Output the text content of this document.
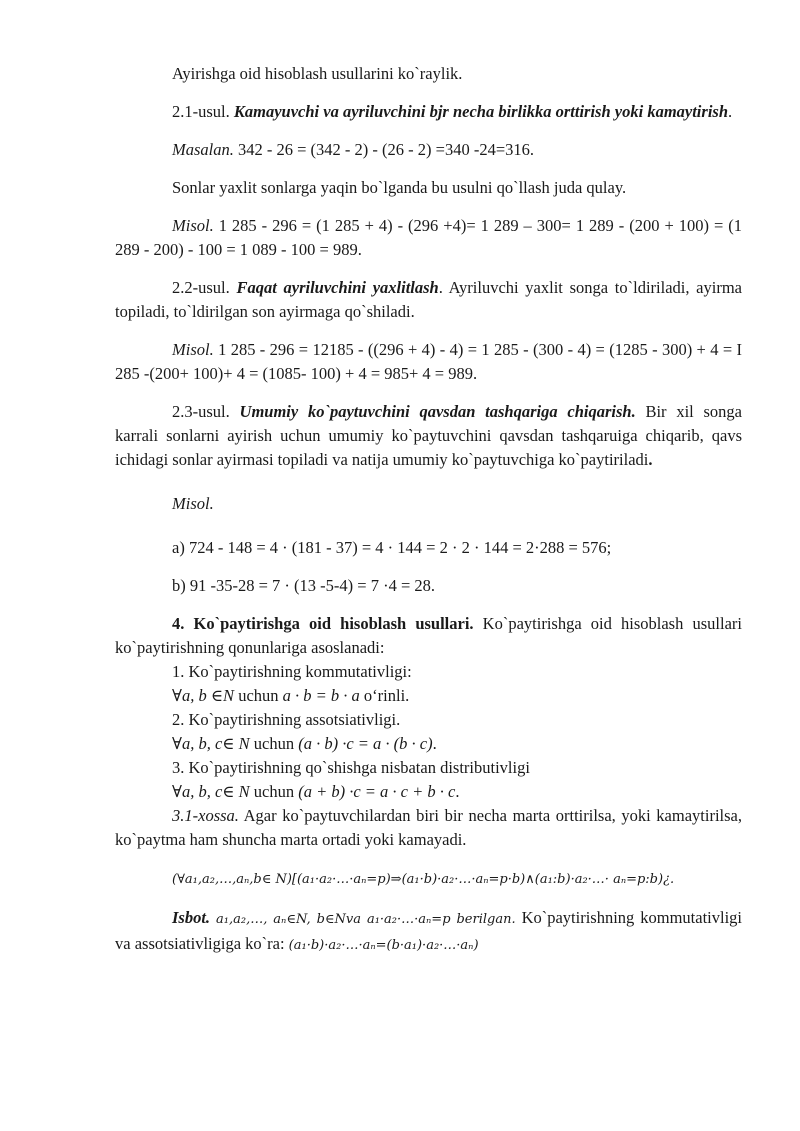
Ayirishga oid hisoblash usullarini ko`raylik.

2.1-usul. Kamayuvchi va ayriluvchini bjr necha birlikka orttirish yoki kamaytirish.

Masalan. 342 - 26 = (342 - 2) - (26 - 2) =340 -24=316.

Sonlar yaxlit sonlarga yaqin bo`lganda bu usulni qo`llash juda qulay.

Misol. 1 285 - 296 = (1 285 + 4) - (296 +4)= 1 289 – 300= 1 289 - (200 + 100) = (1 289 - 200) - 100 = 1 089 - 100 = 989.

2.2-usul. Faqat ayriluvchini yaxlitlash. Ayriluvchi yaxlit songa to`ldiriladi, ayirma topiladi, to`ldirilgan son ayirmaga qo`shiladi.

Misol. 1 285 - 296 = 12185 - ((296 + 4) - 4) = 1 285 - (300 - 4) = (1285 - 300) + 4 = I 285 -(200+ 100)+ 4 = (1085- 100) + 4 = 985+ 4 = 989.

2.3-usul. Umumiy ko`paytuvchini qavsdan tashqariga chiqarish. Bir xil songa karrali sonlarni ayirish uchun umumiy ko`paytuvchini qavsdan tashqaruiga chiqarib, qavs ichidagi sonlar ayirmasi topiladi va natija umumiy ko`paytuvchiga ko`paytiriladi.

Misol.

a) 724 - 148 = 4 · (181 - 37) = 4 · 144 = 2 · 2 · 144 = 2·288 = 576;

b) 91 -35-28 = 7 · (13 -5-4) = 7 ·4 = 28.

4. Ko`paytirishga oid hisoblash usullari. Ko`paytirishga oid hisoblash usullari ko`paytirishning qonunlariga asoslanadi:

1. Ko`paytirishning kommutativligi:

∀a, b ∈N uchun a · b = b · a o‘rinli.

2. Ko`paytirishning assotsiativligi.

∀a, b, c∈ N uchun (a · b) ·c = a · (b · c).

3. Ko`paytirishning qo`shishga nisbatan distributivligi

∀a, b, c∈ N uchun (a + b) ·c = a · c + b · c.

3.1-xossa. Agar ko`paytuvchilardan biri bir necha marta orttirilsa, yoki kamaytirilsa, ko`paytma ham shuncha marta ortadi yoki kamayadi.

(∀a₁,a₂,…,aₙ,b∈ N)[(a₁·a₂·…·aₙ=p)⇒(a₁·b)·a₂·…·aₙ=p·b)∧(a₁:b)·a₂·…· aₙ=p:b)¿.

Isbot. a₁,a₂,…, aₙ∈N, b∈Nva a₁·a₂·…·aₙ=p berilgan. Ko`paytirishning kommutativligi va assotsiativligiga ko`ra: (a₁·b)·a₂·…·aₙ=(b·a₁)·a₂·…·aₙ)
